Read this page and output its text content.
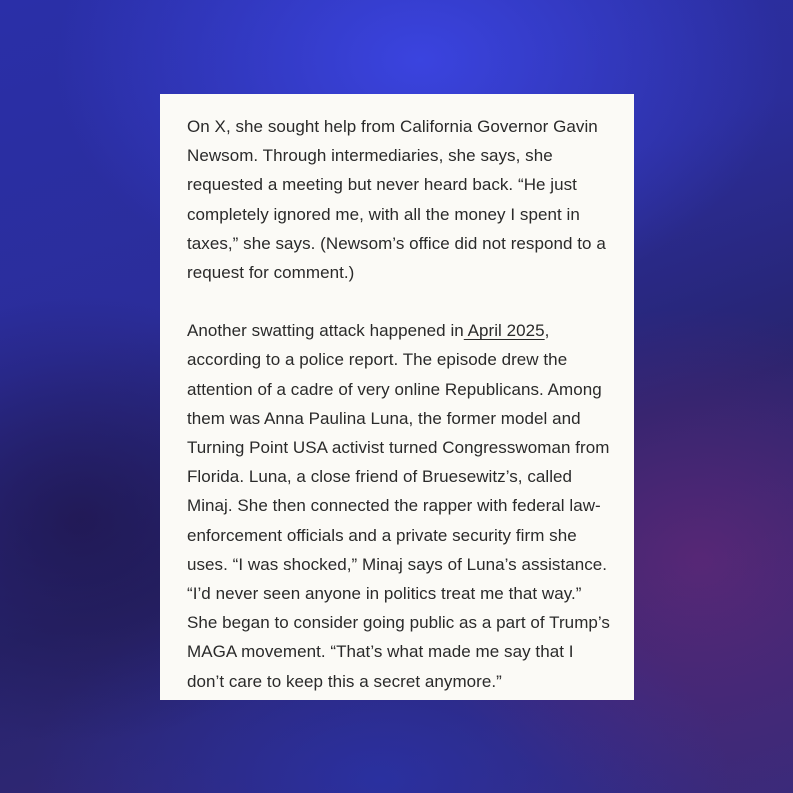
On X, she sought help from California Governor Gavin Newsom. Through intermediaries, she says, she requested a meeting but never heard back. “He just completely ignored me, with all the money I spent in taxes,” she says. (Newsom’s office did not respond to a request for comment.)

Another swatting attack happened in April 2025, according to a police report. The episode drew the attention of a cadre of very online Republicans. Among them was Anna Paulina Luna, the former model and Turning Point USA activist turned Congresswoman from Florida. Luna, a close friend of Bruesewitz’s, called Minaj. She then connected the rapper with federal law-enforcement officials and a private security firm she uses. “I was shocked,” Minaj says of Luna’s assistance. “I’d never seen anyone in politics treat me that way.” She began to consider going public as a part of Trump’s MAGA movement. “That’s what made me say that I don’t care to keep this a secret anymore.”
